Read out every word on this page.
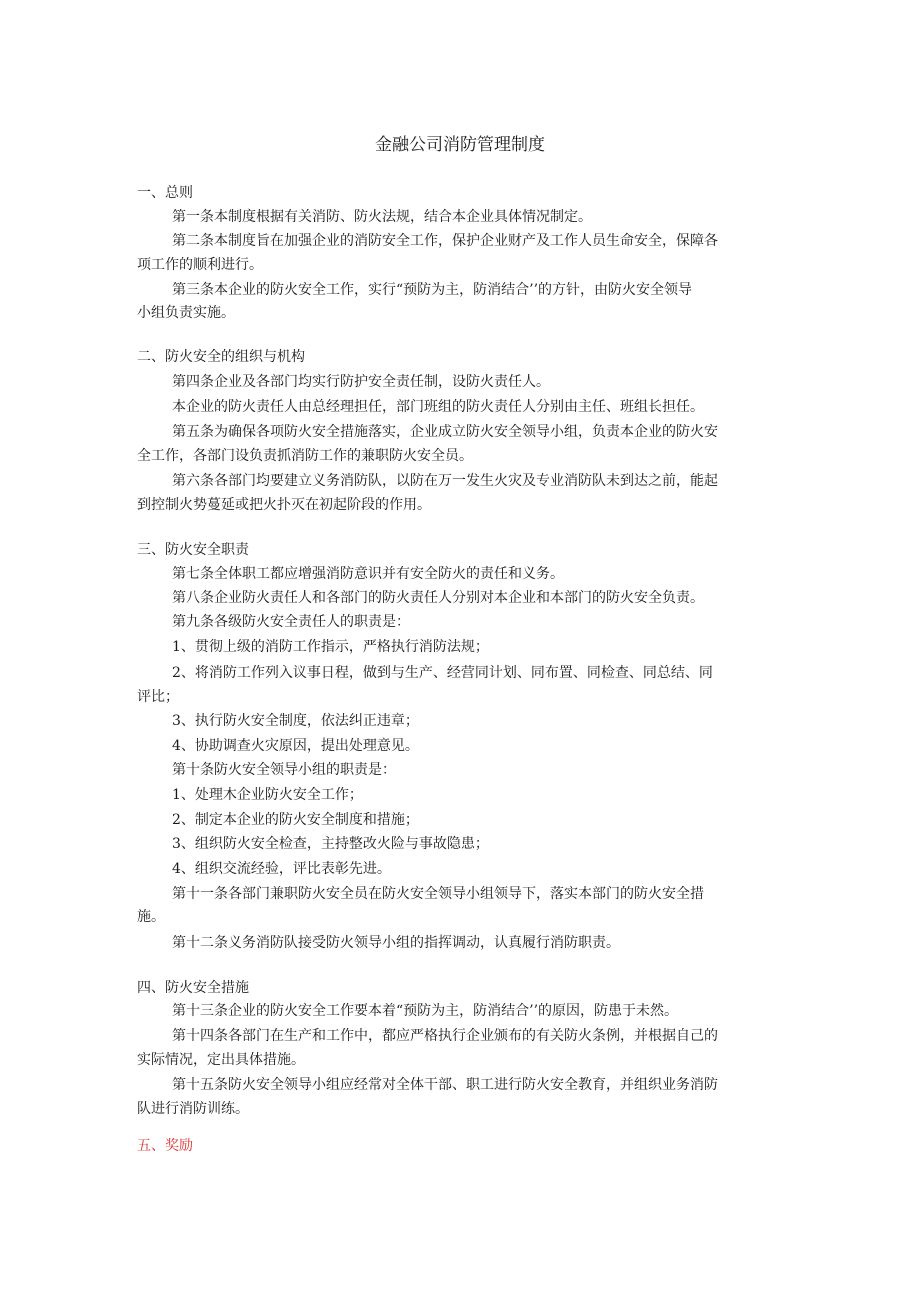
金融公司消防管理制度
一、总则
第一条本制度根据有关消防、防火法规，结合本企业具体情况制定。
第二条本制度旨在加强企业的消防安全工作，保护企业财产及工作人员生命安全，保障各
项工作的顺利进行。
第三条本企业的防火安全工作，实行“预防为主，防消结合’’的方针，由防火安全领导
小组负责实施。
二、防火安全的组织与机构
第四条企业及各部门均实行防护安全责任制，设防火责任人。
本企业的防火责任人由总经理担任，部门班组的防火责任人分别由主任、班组长担任。
第五条为确保各项防火安全措施落实，企业成立防火安全领导小组，负责本企业的防火安
全工作，各部门设负责抓消防工作的兼职防火安全员。
第六条各部门均要建立义务消防队，以防在万一发生火灾及专业消防队未到达之前，能起
到控制火势蔓延或把火扑灭在初起阶段的作用。
三、防火安全职责
第七条全体职工都应增强消防意识并有安全防火的责任和义务。
第八条企业防火责任人和各部门的防火责任人分别对本企业和本部门的防火安全负责。
第九条各级防火安全责任人的职责是：
1、贯彻上级的消防工作指示，严格执行消防法规；
2、将消防工作列入议事日程，做到与生产、经营同计划、同布置、同检查、同总结、同
评比；
3、执行防火安全制度，依法纠正违章；
4、协助调查火灾原因，提出处理意见。
第十条防火安全领导小组的职责是：
1、处理木企业防火安全工作；
2、制定本企业的防火安全制度和措施；
3、组织防火安全检查，主持整改火险与事故隐患；
4、组织交流经验，评比表彰先进。
第十一条各部门兼职防火安全员在防火安全领导小组领导下，落实本部门的防火安全措
施。
第十二条义务消防队接受防火领导小组的指挥调动，认真履行消防职责。
四、防火安全措施
第十三条企业的防火安全工作要本着“预防为主，防消结合’’的原因，防患于未然。
第十四条各部门在生产和工作中，都应严格执行企业颁布的有关防火条例，并根据自己的
实际情况，定出具体措施。
第十五条防火安全领导小组应经常对全体干部、职工进行防火安全教育，并组织业务消防
队进行消防训练。
五、奖励
